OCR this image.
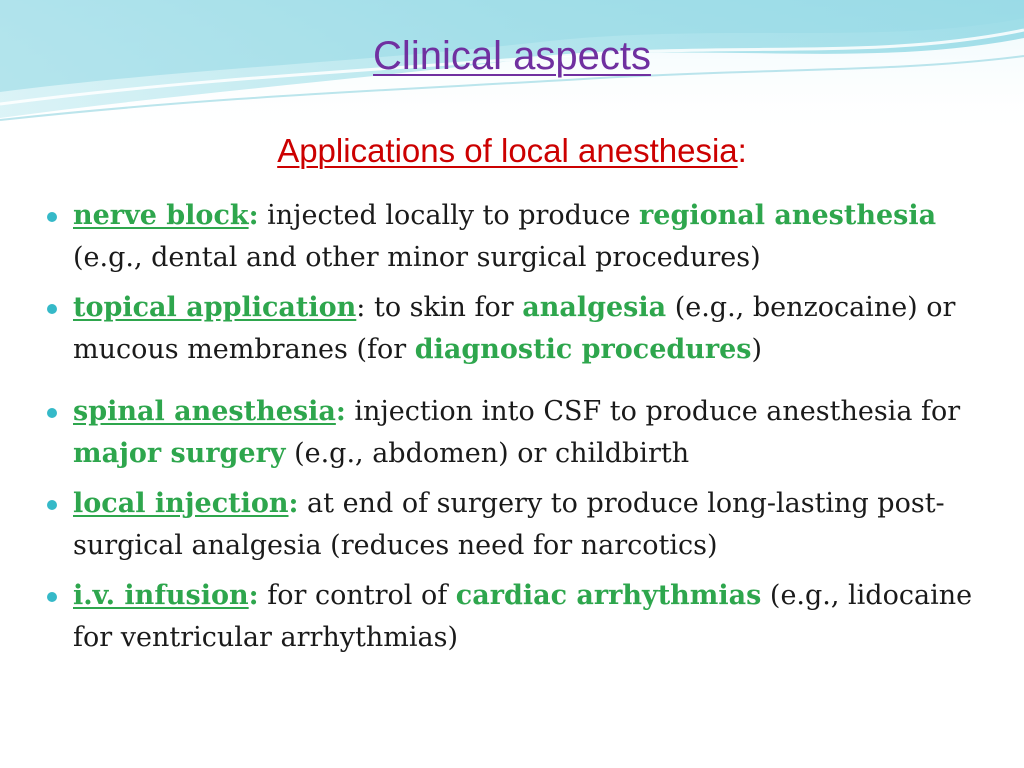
Clinical aspects
Applications of local anesthesia:
nerve block: injected locally to produce regional anesthesia (e.g., dental and other minor surgical procedures)
topical application: to skin for analgesia (e.g., benzocaine) or mucous membranes (for diagnostic procedures)
spinal anesthesia: injection into CSF to produce anesthesia for major surgery (e.g., abdomen) or childbirth
local injection: at end of surgery to produce long-lasting post-surgical analgesia (reduces need for narcotics)
i.v. infusion: for control of cardiac arrhythmias (e.g., lidocaine for ventricular arrhythmias)
